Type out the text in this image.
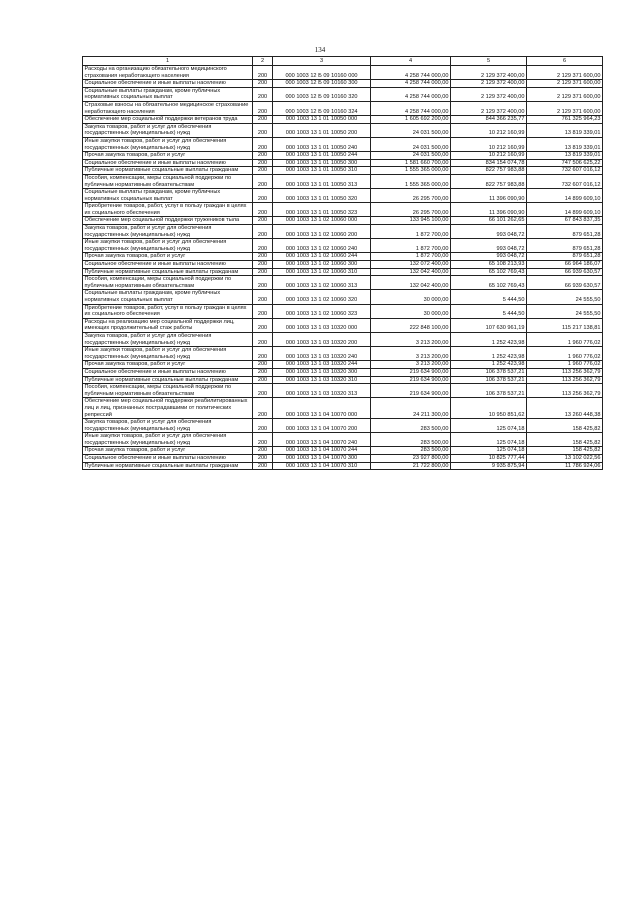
134
1	2	3	4	5	6
Расходы на организацию обязательного медицинского страхования неработающего населения	200	000 1003 12 Б 09 10160 000	4 258 744 000,00	2 129 372 400,00	2 129 371 600,00
Социальное обеспечение и иные выплаты населению	200	000 1003 12 Б 09 10160 300	4 258 744 000,00	2 129 372 400,00	2 129 371 600,00
Социальные выплаты гражданам, кроме публичных нормативных социальных выплат	200	000 1003 12 Б 09 10160 320	4 258 744 000,00	2 129 372 400,00	2 129 371 600,00
Страховые взносы на обязательное медицинское страхование неработающего населения	200	000 1003 12 Б 09 10160 324	4 258 744 000,00	2 129 372 400,00	2 129 371 600,00
Обеспечение мер социальной поддержки ветеранов труда	200	000 1003 13 1 01 10050 000	1 605 692 200,00	844 366 235,77	761 325 964,23
Закупка товаров, работ и услуг для обеспечения государственных (муниципальных) нужд	200	000 1003 13 1 01 10050 200	24 031 500,00	10 212 160,99	13 819 339,01
Иные закупки товаров, работ и услуг для обеспечения государственных (муниципальных) нужд	200	000 1003 13 1 01 10050 240	24 031 500,00	10 212 160,99	13 819 339,01
Прочая закупка товаров, работ и услуг	200	000 1003 13 1 01 10050 244	24 031 500,00	10 212 160,99	13 819 339,01
Социальное обеспечение и иные выплаты населению	200	000 1003 13 1 01 10050 300	1 581 660 700,00	834 154 074,78	747 506 625,22
Публичные нормативные социальные выплаты гражданам	200	000 1003 13 1 01 10050 310	1 555 365 000,00	822 757 983,88	732 607 016,12
Пособия, компенсации, меры социальной поддержки по публичным нормативным обязательствам	200	000 1003 13 1 01 10050 313	1 555 365 000,00	822 757 983,88	732 607 016,12
Социальные выплаты гражданам, кроме публичных нормативных социальных выплат	200	000 1003 13 1 01 10050 320	26 295 700,00	11 396 090,90	14 899 609,10
Приобретение товаров, работ, услуг в пользу граждан в целях их социального обеспечения	200	000 1003 13 1 01 10050 323	26 295 700,00	11 396 090,90	14 899 609,10
Обеспечение мер социальной поддержки тружеников тыла	200	000 1003 13 1 02 10060 000	133 945 100,00	66 101 262,65	67 843 837,35
Закупка товаров, работ и услуг для обеспечения государственных (муниципальных) нужд	200	000 1003 13 1 02 10060 200	1 872 700,00	993 048,72	879 651,28
Иные закупки товаров, работ и услуг для обеспечения государственных (муниципальных) нужд	200	000 1003 13 1 02 10060 240	1 872 700,00	993 048,72	879 651,28
Прочая закупка товаров, работ и услуг	200	000 1003 13 1 02 10060 244	1 872 700,00	993 048,72	879 651,28
Социальное обеспечение и иные выплаты населению	200	000 1003 13 1 02 10060 300	132 072 400,00	65 108 213,93	66 964 186,07
Публичные нормативные социальные выплаты гражданам	200	000 1003 13 1 02 10060 310	132 042 400,00	65 102 769,43	66 939 630,57
Пособия, компенсации, меры социальной поддержки по публичным нормативным обязательствам	200	000 1003 13 1 02 10060 313	132 042 400,00	65 102 769,43	66 939 630,57
Социальные выплаты гражданам, кроме публичных нормативных социальных выплат	200	000 1003 13 1 02 10060 320	30 000,00	5 444,50	24 555,50
Приобретение товаров, работ, услуг в пользу граждан в целях их социального обеспечения	200	000 1003 13 1 02 10060 323	30 000,00	5 444,50	24 555,50
Расходы на реализацию мер социальной поддержки лиц, имеющих продолжительный стаж работы	200	000 1003 13 1 03 10320 000	222 848 100,00	107 630 961,19	115 217 138,81
Закупка товаров, работ и услуг для обеспечения государственных (муниципальных) нужд	200	000 1003 13 1 03 10320 200	3 213 200,00	1 252 423,98	1 960 776,02
Иные закупки товаров, работ и услуг для обеспечения государственных (муниципальных) нужд	200	000 1003 13 1 03 10320 240	3 213 200,00	1 252 423,98	1 960 776,02
Прочая закупка товаров, работ и услуг	200	000 1003 13 1 03 10320 244	3 213 200,00	1 252 423,98	1 960 776,02
Социальное обеспечение и иные выплаты населению	200	000 1003 13 1 03 10320 300	219 634 900,00	106 378 537,21	113 256 362,79
Публичные нормативные социальные выплаты гражданам	200	000 1003 13 1 03 10320 310	219 634 900,00	106 378 537,21	113 256 362,79
Пособия, компенсации, меры социальной поддержки по публичным нормативным обязательствам	200	000 1003 13 1 03 10320 313	219 634 900,00	106 378 537,21	113 256 362,79
Обеспечение мер социальной поддержки реабилитированных лиц и лиц, признанных пострадавшими от политических репрессий	200	000 1003 13 1 04 10070 000	24 211 300,00	10 950 851,62	13 260 448,38
Закупка товаров, работ и услуг для обеспечения государственных (муниципальных) нужд	200	000 1003 13 1 04 10070 200	283 500,00	125 074,18	158 425,82
Иные закупки товаров, работ и услуг для обеспечения государственных (муниципальных) нужд	200	000 1003 13 1 04 10070 240	283 500,00	125 074,18	158 425,82
Прочая закупка товаров, работ и услуг	200	000 1003 13 1 04 10070 244	283 500,00	125 074,18	158 425,82
Социальное обеспечение и иные выплаты населению	200	000 1003 13 1 04 10070 300	23 927 800,00	10 825 777,44	13 102 022,56
Публичные нормативные социальные выплаты гражданам	200	000 1003 13 1 04 10070 310	21 722 800,00	9 935 875,94	11 786 924,06
